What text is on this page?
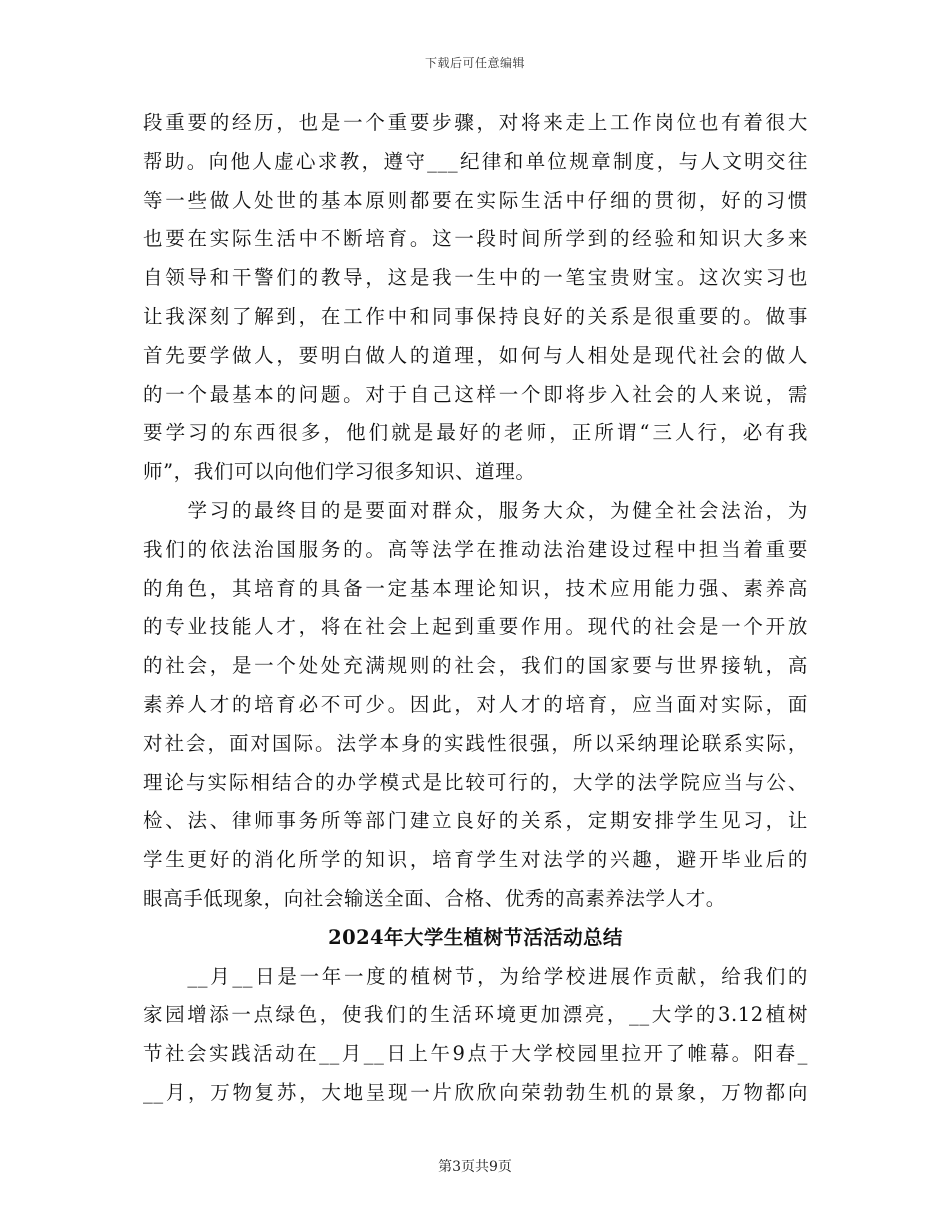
下载后可任意编辑

段重要的经历，也是一个重要步骤，对将来走上工作岗位也有着很大
帮助。向他人虚心求教，遵守___纪律和单位规章制度，与人文明交往
等一些做人处世的基本原则都要在实际生活中仔细的贯彻，好的习惯
也要在实际生活中不断培育。这一段时间所学到的经验和知识大多来
自领导和干警们的教导，这是我一生中的一笔宝贵财宝。这次实习也
让我深刻了解到，在工作中和同事保持良好的关系是很重要的。做事
首先要学做人，要明白做人的道理，如何与人相处是现代社会的做人
的一个最基本的问题。对于自己这样一个即将步入社会的人来说，需
要学习的东西很多，他们就是最好的老师，正所谓“三人行，必有我
师”，我们可以向他们学习很多知识、道理。

　　学习的最终目的是要面对群众，服务大众，为健全社会法治，为
我们的依法治国服务的。高等法学在推动法治建设过程中担当着重要
的角色，其培育的具备一定基本理论知识，技术应用能力强、素养高
的专业技能人才，将在社会上起到重要作用。现代的社会是一个开放
的社会，是一个处处充满规则的社会，我们的国家要与世界接轨，高
素养人才的培育必不可少。因此，对人才的培育，应当面对实际，面
对社会，面对国际。法学本身的实践性很强，所以采纳理论联系实际，
理论与实际相结合的办学模式是比较可行的，大学的法学院应当与公、
检、法、律师事务所等部门建立良好的关系，定期安排学生见习，让
学生更好的消化所学的知识，培育学生对法学的兴趣，避开毕业后的
眼高手低现象，向社会输送全面、合格、优秀的高素养法学人才。

2024年大学生植树节活活动总结

　　__月__日是一年一度的植树节，为给学校进展作贡献，给我们的
家园增添一点绿色，使我们的生活环境更加漂亮，__大学的3.12植树
节社会实践活动在__月__日上午9点于大学校园里拉开了帷幕。阳春_
__月，万物复苏，大地呈现一片欣欣向荣勃勃生机的景象，万物都向

第3页共9页
